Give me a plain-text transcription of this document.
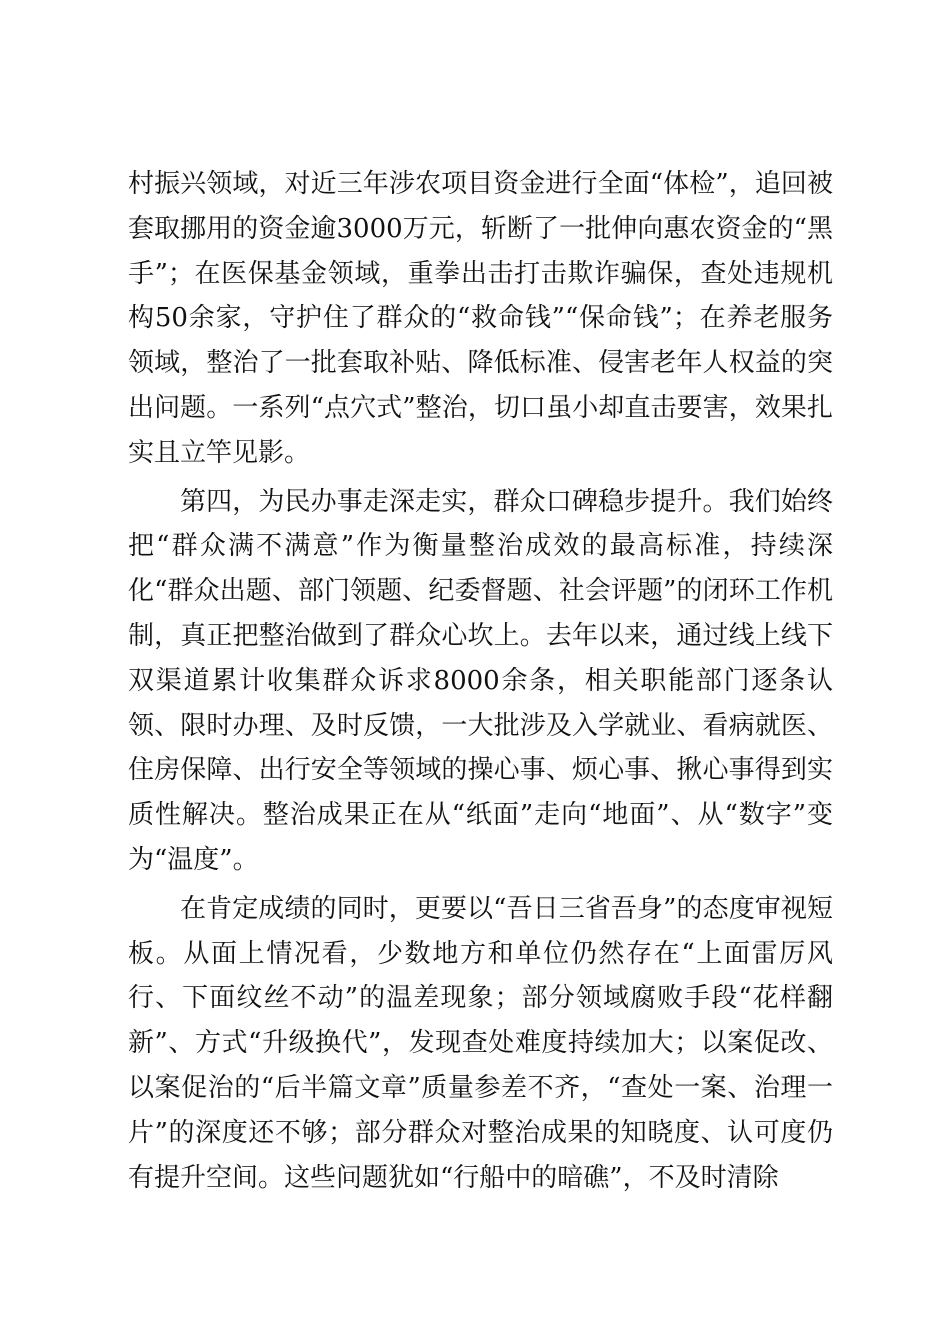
村振兴领域，对近三年涉农项目资金进行全面“体检”，追回被套取挪用的资金逾3000万元，斩断了一批伸向惠农资金的“黑手”；在医保基金领域，重拳出击打击欺诈骗保，查处违规机构50余家，守护住了群众的“救命钱”“保命钱”；在养老服务领域，整治了一批套取补贴、降低标准、侵害老年人权益的突出问题。一系列“点穴式”整治，切口虽小却直击要害，效果扎实且立竿见影。

第四，为民办事走深走实，群众口碑稳步提升。我们始终把“群众满不满意”作为衡量整治成效的最高标准，持续深化“群众出题、部门领题、纪委督题、社会评题”的闭环工作机制，真正把整治做到了群众心坎上。去年以来，通过线上线下双渠道累计收集群众诉求8000余条，相关职能部门逐条认领、限时办理、及时反馈，一大批涉及入学就业、看病就医、住房保障、出行安全等领域的操心事、烦心事、揪心事得到实质性解决。整治成果正在从“纸面”走向“地面”、从“数字”变为“温度”。

在肯定成绩的同时，更要以“吾日三省吾身”的态度审视短板。从面上情况看，少数地方和单位仍然存在“上面雷厉风行、下面纹丝不动”的温差现象；部分领域腐败手段“花样翻新”、方式“升级换代”，发现查处难度持续加大；以案促改、以案促治的“后半篇文章”质量参差不齐，“查处一案、治理一片”的深度还不够；部分群众对整治成果的知晓度、认可度仍有提升空间。这些问题犹如“行船中的暗礁”，不及时清除
